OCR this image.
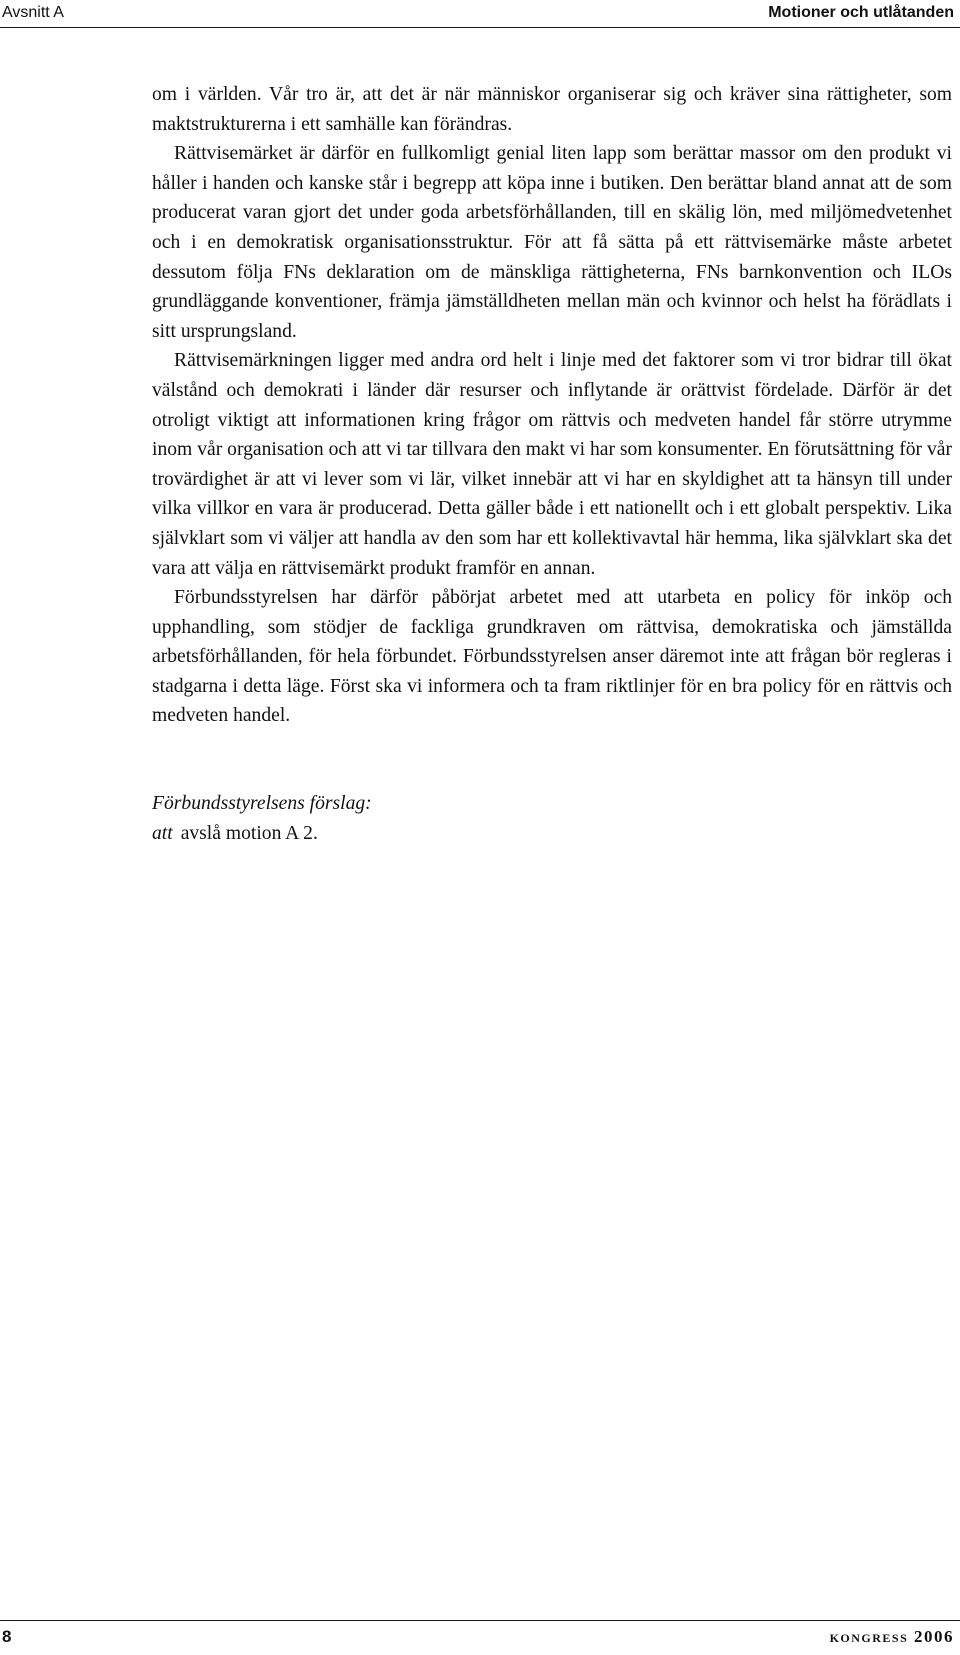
Avsnitt A	Motioner och utlåtanden

om i världen. Vår tro är, att det är när människor organiserar sig och kräver sina rättigheter, som maktstrukturerna i ett samhälle kan förändras.

Rättvisemärket är därför en fullkomligt genial liten lapp som berättar massor om den produkt vi håller i handen och kanske står i begrepp att köpa inne i butiken. Den berättar bland annat att de som producerat varan gjort det under goda arbetsförhållanden, till en skälig lön, med miljömedvetenhet och i en demokratisk organisationsstruktur. För att få sätta på ett rättvisemärke måste arbetet dessutom följa FNs deklaration om de mänskliga rättigheterna, FNs barnkonvention och ILOs grundläggande konventioner, främja jämställdheten mellan män och kvinnor och helst ha förädlats i sitt ursprungsland.

Rättvisemärkningen ligger med andra ord helt i linje med det faktorer som vi tror bidrar till ökat välstånd och demokrati i länder där resurser och inflytande är orättvist fördelade. Därför är det otroligt viktigt att informationen kring frågor om rättvis och medveten handel får större utrymme inom vår organisation och att vi tar tillvara den makt vi har som konsumenter. En förutsättning för vår trovärdighet är att vi lever som vi lär, vilket innebär att vi har en skyldighet att ta hänsyn till under vilka villkor en vara är producerad. Detta gäller både i ett nationellt och i ett globalt perspektiv. Lika självklart som vi väljer att handla av den som har ett kollektivavtal här hemma, lika självklart ska det vara att välja en rättvisemärkt produkt framför en annan.

Förbundsstyrelsen har därför påbörjat arbetet med att utarbeta en policy för inköp och upphandling, som stödjer de fackliga grundkraven om rättvisa, demokratiska och jämställda arbetsförhållanden, för hela förbundet. Förbundsstyrelsen anser däremot inte att frågan bör regleras i stadgarna i detta läge. Först ska vi informera och ta fram riktlinjer för en bra policy för en rättvis och medveten handel.

Förbundsstyrelsens förslag:
att avslå motion A 2.
8	kongress 2006
